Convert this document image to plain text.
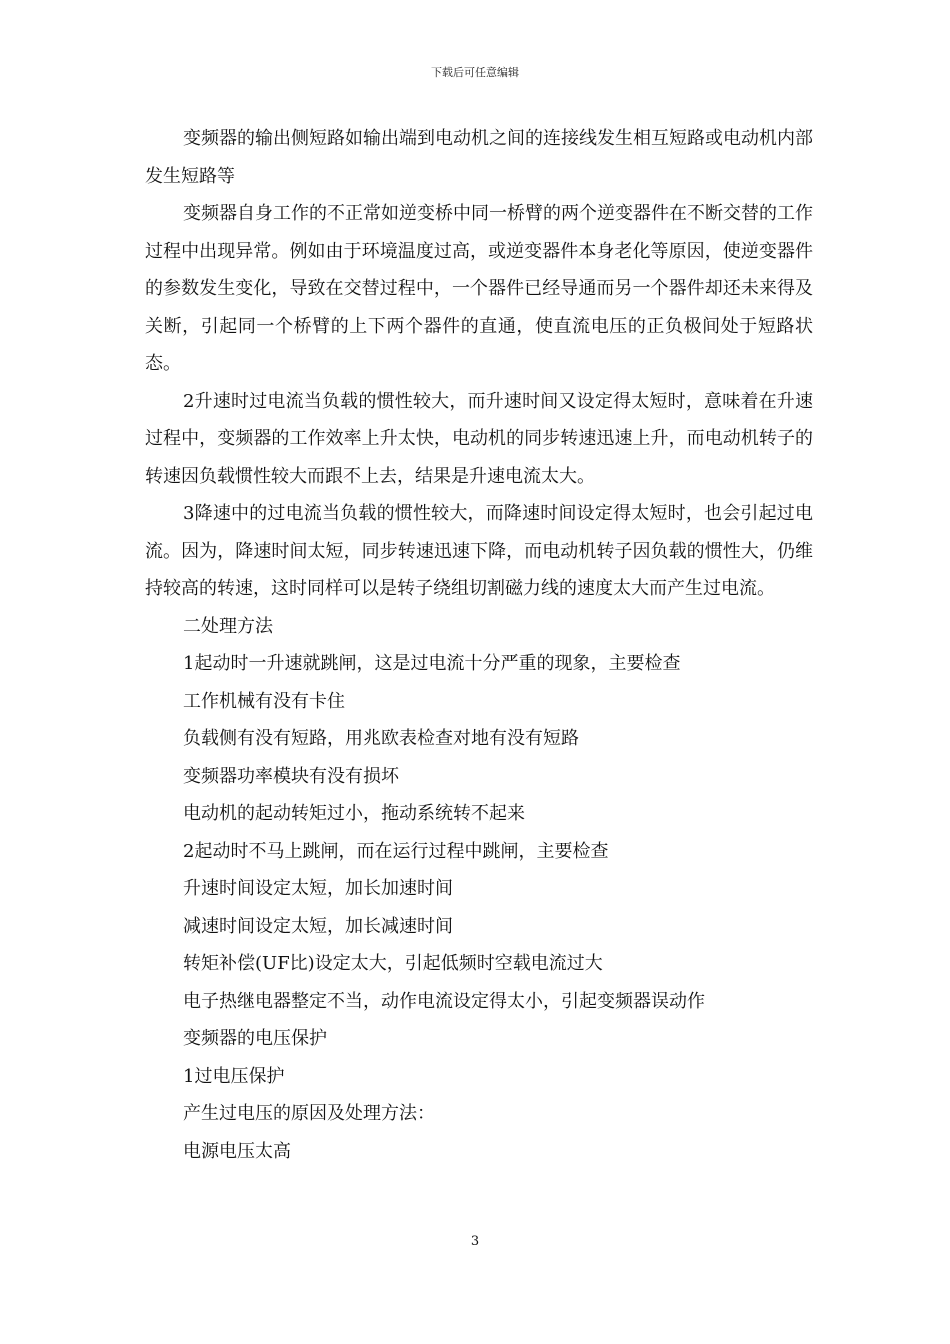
下载后可任意编辑

变频器的输出侧短路如输出端到电动机之间的连接线发生相互短路或电动机内部发生短路等

变频器自身工作的不正常如逆变桥中同一桥臂的两个逆变器件在不断交替的工作过程中出现异常。例如由于环境温度过高，或逆变器件本身老化等原因，使逆变器件的参数发生变化，导致在交替过程中，一个器件已经导通而另一个器件却还未来得及关断，引起同一个桥臂的上下两个器件的直通，使直流电压的正负极间处于短路状态。

2升速时过电流当负载的惯性较大，而升速时间又设定得太短时，意味着在升速过程中，变频器的工作效率上升太快，电动机的同步转速迅速上升，而电动机转子的转速因负载惯性较大而跟不上去，结果是升速电流太大。

3降速中的过电流当负载的惯性较大，而降速时间设定得太短时，也会引起过电流。因为，降速时间太短，同步转速迅速下降，而电动机转子因负载的惯性大，仍维持较高的转速，这时同样可以是转子绕组切割磁力线的速度太大而产生过电流。

二处理方法

1起动时一升速就跳闸，这是过电流十分严重的现象，主要检查

工作机械有没有卡住

负载侧有没有短路，用兆欧表检查对地有没有短路

变频器功率模块有没有损坏

电动机的起动转矩过小，拖动系统转不起来

2起动时不马上跳闸，而在运行过程中跳闸，主要检查

升速时间设定太短，加长加速时间

减速时间设定太短，加长减速时间

转矩补偿(UF比)设定太大，引起低频时空载电流过大

电子热继电器整定不当，动作电流设定得太小，引起变频器误动作

变频器的电压保护

1过电压保护

产生过电压的原因及处理方法：

电源电压太高

3
